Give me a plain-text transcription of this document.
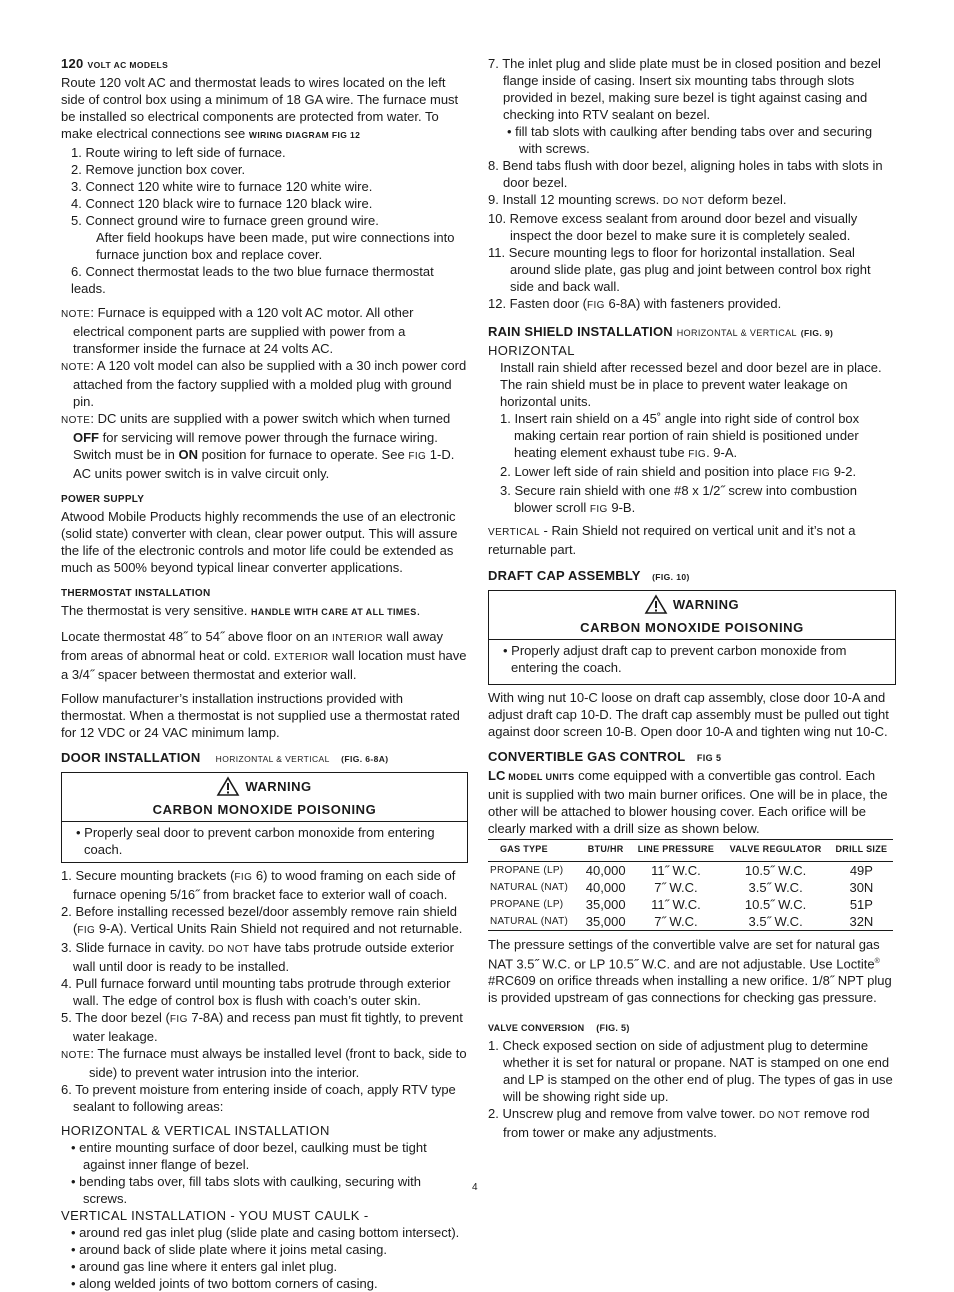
120 VOLT AC MODELS

Route 120 volt AC and thermostat leads to wires located on the left side of control box using a minimum of 18 GA wire. The furnace must be installed so electrical components are protected from water. To make electrical connections see WIRING DIAGRAM FIG 12

1. Route wiring to left side of furnace.
2. Remove junction box cover.
3. Connect 120 white wire to furnace 120 white wire.
4. Connect 120 black wire to furnace 120 black wire.
5. Connect ground wire to furnace green ground wire.
After field hookups have been made, put wire connections into furnace junction box and replace cover.
6. Connect thermostat leads to the two blue furnace thermostat leads.

NOTE: Furnace is equipped with a 120 volt AC motor. All other electrical component parts are supplied with power from a transformer inside the furnace at 24 volts AC.

NOTE: A 120 volt model can also be supplied with a 30 inch power cord attached from the factory supplied with a molded plug with ground pin.

NOTE: DC units are supplied with a power switch which when turned OFF for servicing will remove power through the furnace wiring. Switch must be in ON position for furnace to operate. See FIG 1-D. AC units power switch is in valve circuit only.

POWER SUPPLY

Atwood Mobile Products highly recommends the use of an electronic (solid state) converter with clean, clear power output. This will assure the life of the electronic controls and motor life could be extended as much as 500% beyond typical linear converter applications.

THERMOSTAT INSTALLATION

The thermostat is very sensitive. HANDLE WITH CARE AT ALL TIMES.

Locate thermostat 48˝ to 54˝ above floor on an INTERIOR wall away from areas of abnormal heat or cold. EXTERIOR wall location must have a 3/4˝ spacer between thermostat and exterior wall.

Follow manufacturer’s installation instructions provided with thermostat. When a thermostat is not supplied use a thermostat rated for 12 VDC or 24 VAC minimum lamp.

DOOR INSTALLATION HORIZONTAL & VERTICAL (FIG. 6-8A)
WARNING
CARBON MONOXIDE POISONING
• Properly seal door to prevent carbon monoxide from entering coach.

1. Secure mounting brackets (FIG 6) to wood framing on each side of furnace opening 5/16˝ from bracket face to exterior wall of coach.

2. Before installing recessed bezel/door assembly remove rain shield (FIG 9-A). Vertical Units Rain Shield not required and not returnable.

3. Slide furnace in cavity. DO NOT have tabs protrude outside exterior wall until door is ready to be installed.

4. Pull furnace forward until mounting tabs protrude through exterior wall. The edge of control box is flush with coach’s outer skin.

5. The door bezel (FIG 7-8A) and recess pan must fit tightly, to prevent water leakage.

NOTE: The furnace must always be installed level (front to back, side to side) to prevent water intrusion into the interior.

6. To prevent moisture from entering inside of coach, apply RTV type sealant to following areas:

HORIZONTAL & VERTICAL INSTALLATION
• entire mounting surface of door bezel, caulking must be tight against inner flange of bezel.
• bending tabs over, fill tabs slots with caulking, securing with screws.
VERTICAL INSTALLATION - YOU MUST CAULK -
• around red gas inlet plug (slide plate and casing bottom intersect).
• around back of slide plate where it joins metal casing.
• around gas line where it enters gal inlet plug.
• along welded joints of two bottom corners of casing.

7. The inlet plug and slide plate must be in closed position and bezel flange inside of casing. Insert six mounting tabs through slots provided in bezel, making sure bezel is tight against casing and checking into RTV sealant on bezel.

• fill tab slots with caulking after bending tabs over and securing with screws.

8. Bend tabs flush with door bezel, aligning holes in tabs with slots in door bezel.

9. Install 12 mounting screws. DO NOT deform bezel.

10. Remove excess sealant from around door bezel and visually inspect the door bezel to make sure it is completely sealed.

11. Secure mounting legs to floor for horizontal installation. Seal around slide plate, gas plug and joint between control box right side and back wall.

12. Fasten door (FIG 6-8A) with fasteners provided.

RAIN SHIELD INSTALLATION HORIZONTAL & VERTICAL (FIG. 9)
HORIZONTAL

Install rain shield after recessed bezel and door bezel are in place. The rain shield must be in place to prevent water leakage on horizontal units.

1. Insert rain shield on a 45˚ angle into right side of control box making certain rear portion of rain shield is positioned under heating element exhaust tube FIG. 9-A.

2. Lower left side of rain shield and position into place FIG 9-2.

3. Secure rain shield with one #8 x 1/2˝ screw into combustion blower scroll FIG 9-B.

VERTICAL - Rain Shield not required on vertical unit and it’s not a returnable part.

DRAFT CAP ASSEMBLY (FIG. 10)
WARNING
CARBON MONOXIDE POISONING
• Properly adjust draft cap to prevent carbon monoxide from entering the coach.

With wing nut 10-C loose on draft cap assembly, close door 10-A and adjust draft cap 10-D. The draft cap assembly must be pulled out tight against door screen 10-B. Open door 10-A and tighten wing nut 10-C.

CONVERTIBLE GAS CONTROL FIG 5

LC MODEL UNITS come equipped with a convertible gas control. Each unit is supplied with two main burner orifices. One will be in place, the other will be attached to blower housing cover. Each orifice will be clearly marked with a drill size as shown below.

GAS TYPE	BTU/HR	LINE PRESSURE	VALVE REGULATOR	DRILL SIZE
PROPANE (LP)	40,000	11˝ W.C.	10.5˝ W.C.	49P
NATURAL (NAT)	40,000	7˝ W.C.	3.5˝ W.C.	30N
PROPANE (LP)	35,000	11˝ W.C.	10.5˝ W.C.	51P
NATURAL (NAT)	35,000	7˝ W.C.	3.5˝ W.C.	32N

The pressure settings of the convertible valve are set for natural gas NAT 3.5˝ W.C. or LP 10.5˝ W.C. and are not adjustable. Use Loctite® #RC609 on orifice threads when installing a new orifice. 1/8˝ NPT plug is provided upstream of gas connections for checking gas pressure.

VALVE CONVERSION (FIG. 5)

1. Check exposed section on side of adjustment plug to determine whether it is set for natural or propane. NAT is stamped on one end and LP is stamped on the other end of plug. The types of gas in use will be showing right side up.

2. Unscrew plug and remove from valve tower. DO NOT remove rod from tower or make any adjustments.

4
